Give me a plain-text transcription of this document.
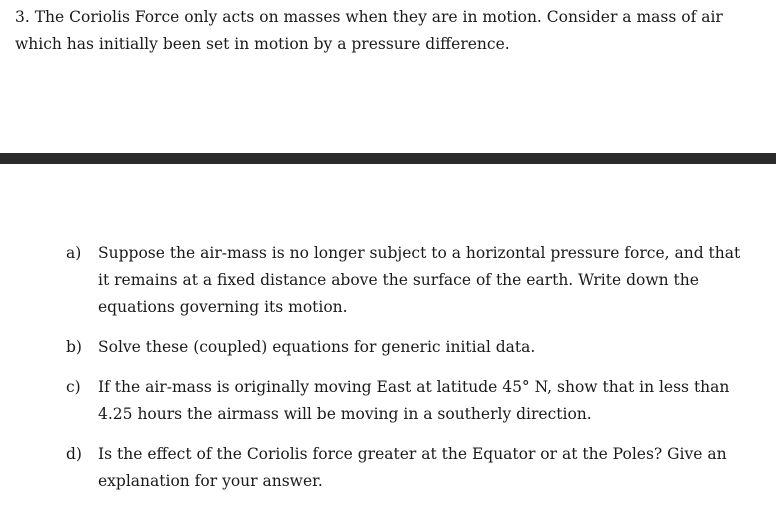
3. The Coriolis Force only acts on masses when they are in motion. Consider a mass of air
which has initially been set in motion by a pressure difference.
a)	Suppose the air-mass is no longer subject to a horizontal pressure force, and that
it remains at a fixed distance above the surface of the earth. Write down the
equations governing its motion.
b)	Solve these (coupled) equations for generic initial data.
c)	If the air-mass is originally moving East at latitude 45° N, show that in less than
4.25 hours the airmass will be moving in a southerly direction.
d)	Is the effect of the Coriolis force greater at the Equator or at the Poles? Give an
explanation for your answer.
